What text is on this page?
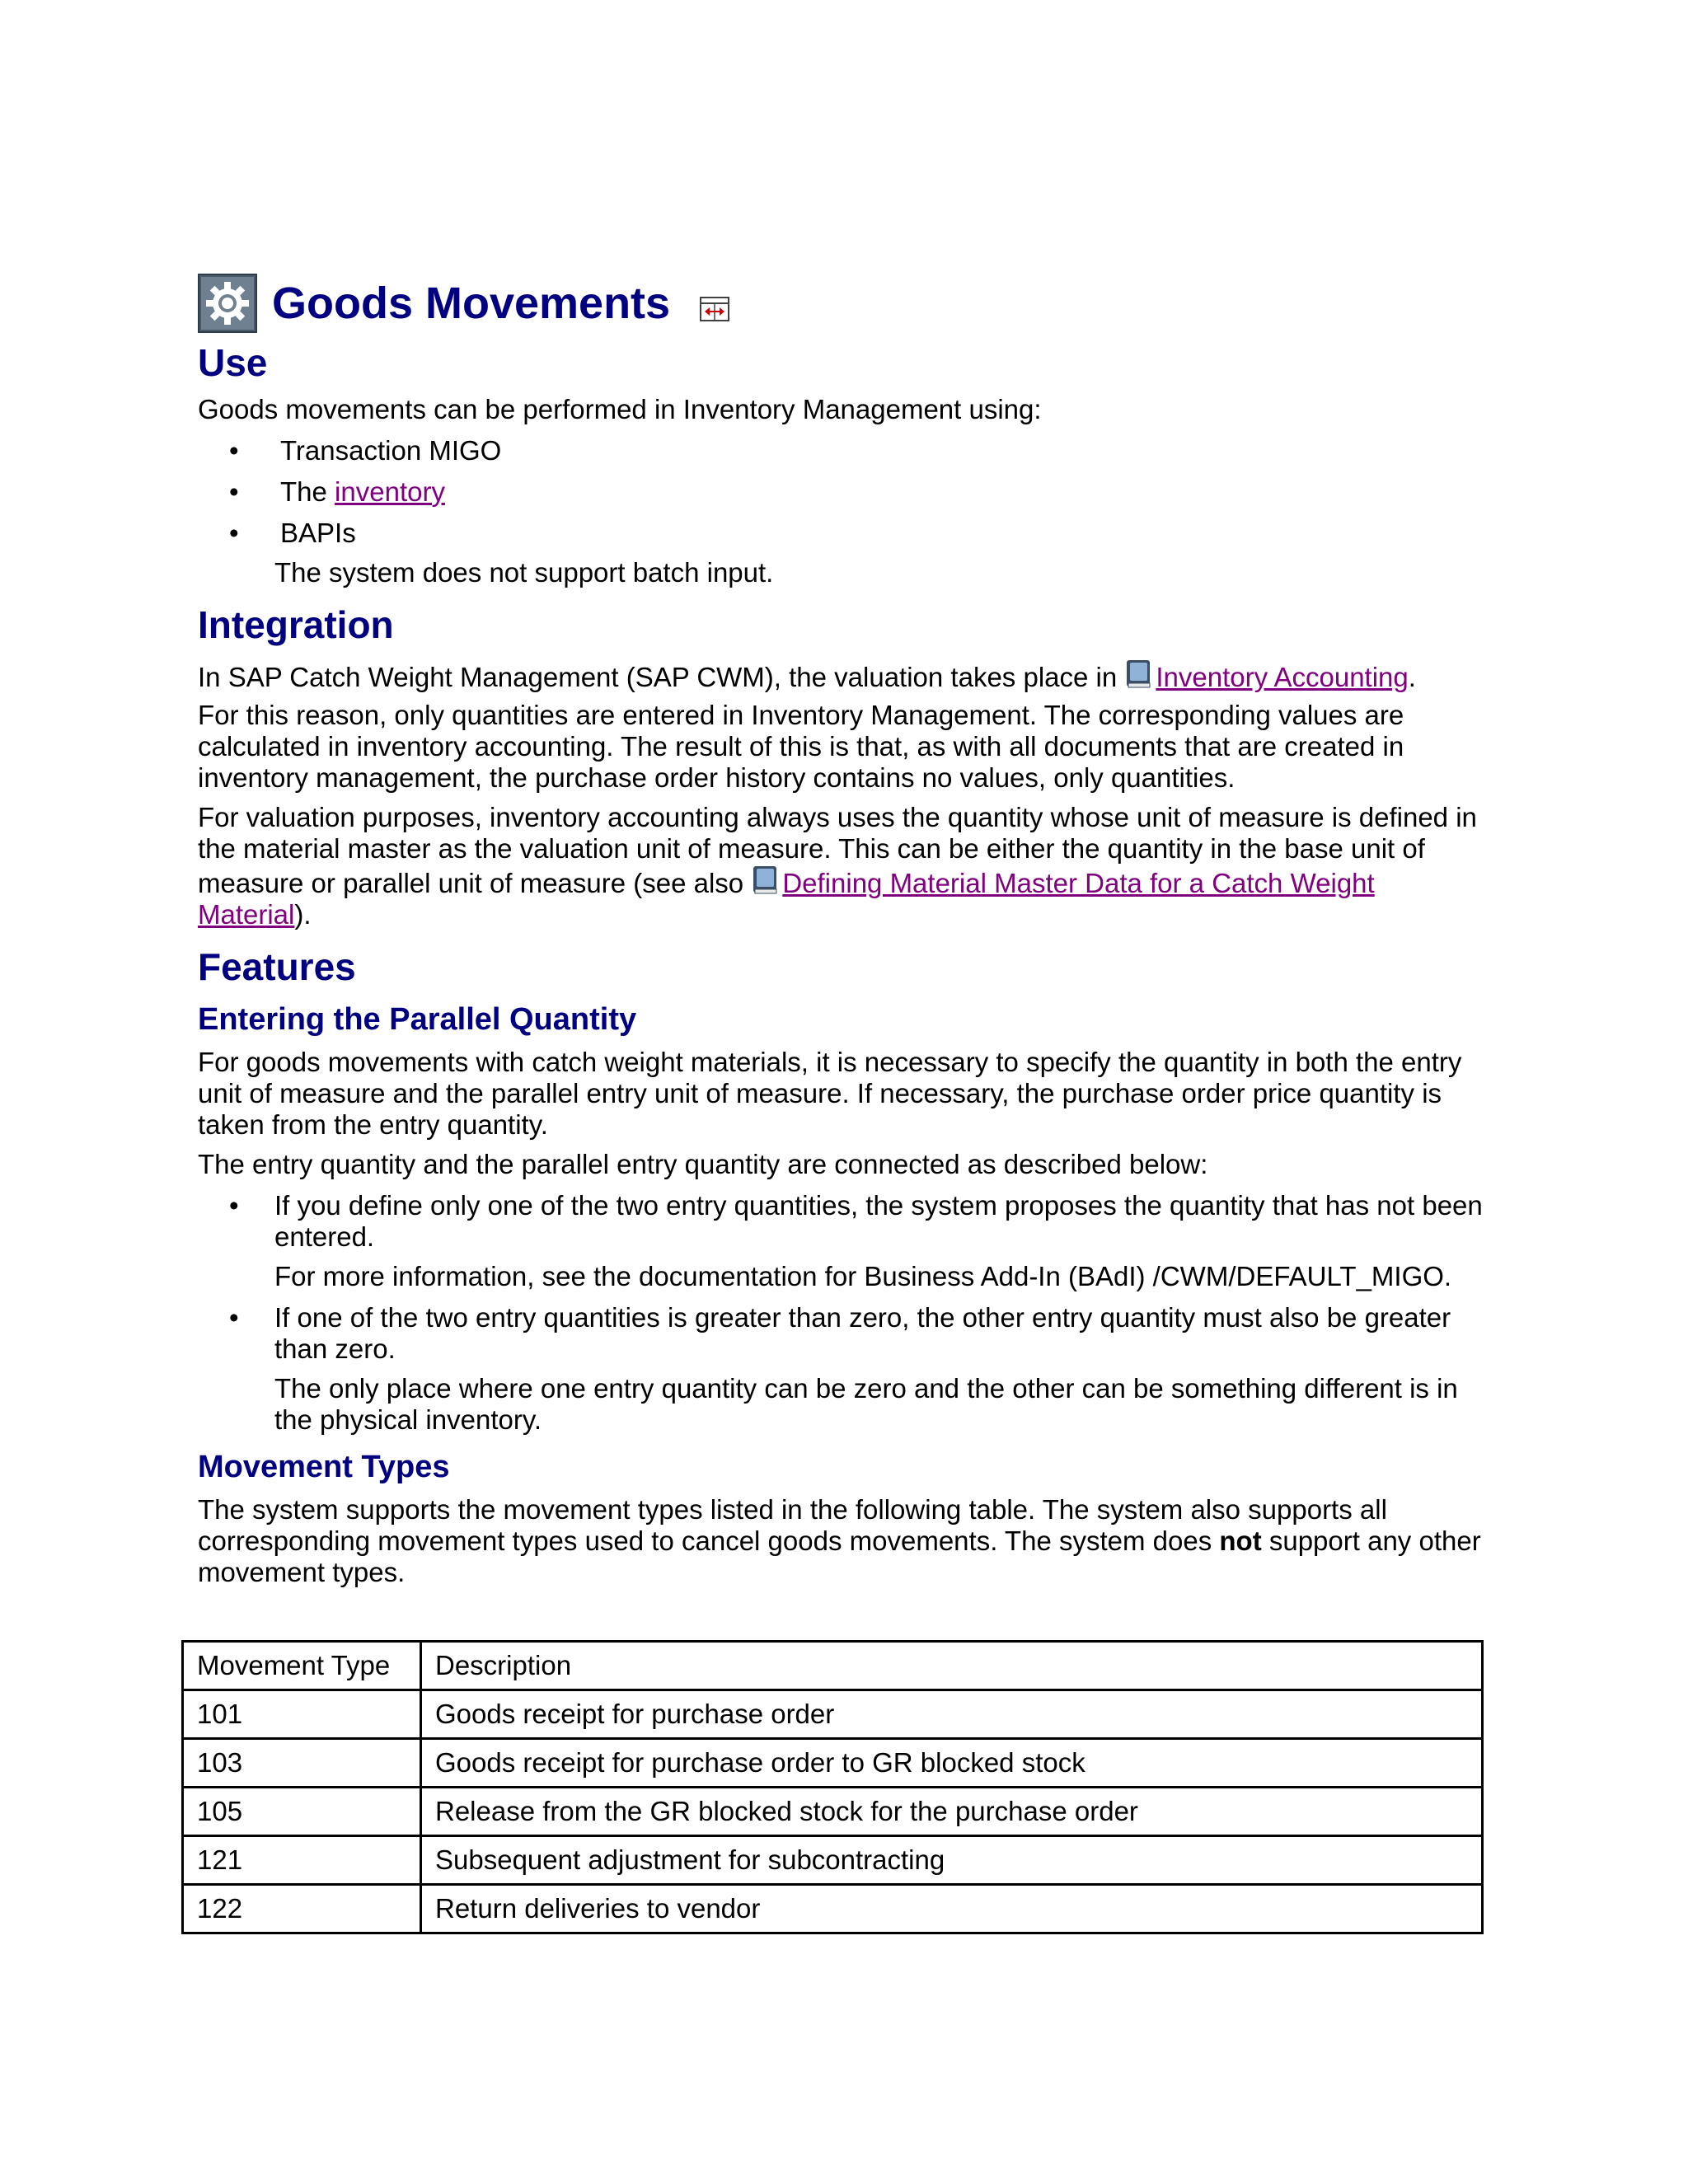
Goods Movements
Use

Goods movements can be performed in Inventory Management using:

• Transaction MIGO
• The inventory
• BAPIs

The system does not support batch input.

Integration

In SAP Catch Weight Management (SAP CWM), the valuation takes place in Inventory Accounting.

For this reason, only quantities are entered in Inventory Management. The corresponding values are calculated in inventory accounting. The result of this is that, as with all documents that are created in inventory management, the purchase order history contains no values, only quantities.

For valuation purposes, inventory accounting always uses the quantity whose unit of measure is defined in the material master as the valuation unit of measure. This can be either the quantity in the base unit of measure or parallel unit of measure (see also Defining Material Master Data for a Catch Weight Material).

Features
Entering the Parallel Quantity

For goods movements with catch weight materials, it is necessary to specify the quantity in both the entry unit of measure and the parallel entry unit of measure. If necessary, the purchase order price quantity is taken from the entry quantity.

The entry quantity and the parallel entry quantity are connected as described below:

• If you define only one of the two entry quantities, the system proposes the quantity that has not been entered.
For more information, see the documentation for Business Add-In (BAdI) /CWM/DEFAULT_MIGO.
• If one of the two entry quantities is greater than zero, the other entry quantity must also be greater than zero.
The only place where one entry quantity can be zero and the other can be something different is in the physical inventory.
Movement Types

The system supports the movement types listed in the following table. The system also supports all corresponding movement types used to cancel goods movements. The system does not support any other movement types.

Movement Type	Description
101	Goods receipt for purchase order
103	Goods receipt for purchase order to GR blocked stock
105	Release from the GR blocked stock for the purchase order
121	Subsequent adjustment for subcontracting
122	Return deliveries to vendor
